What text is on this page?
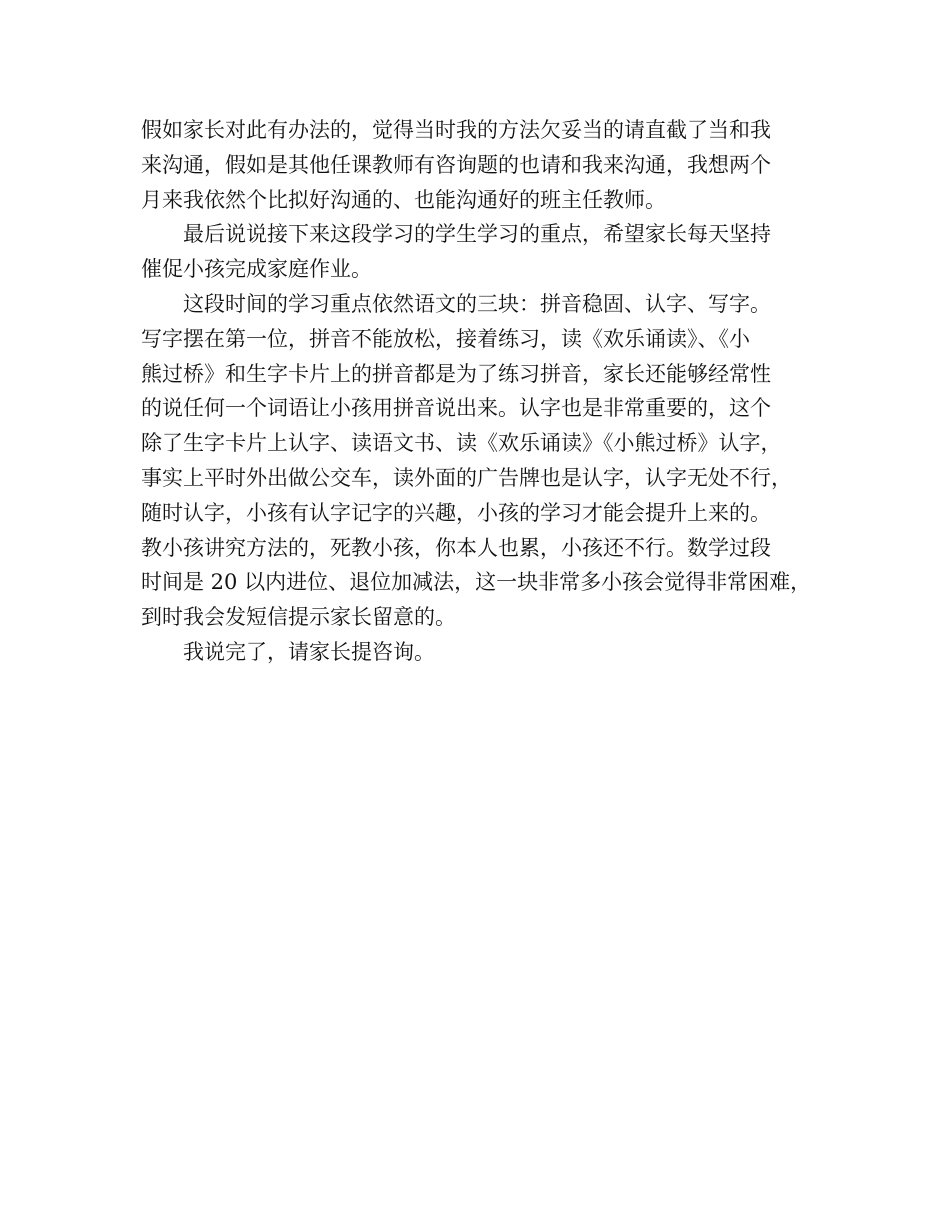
假如家长对此有办法的，觉得当时我的方法欠妥当的请直截了当和我

来沟通，假如是其他任课教师有咨询题的也请和我来沟通，我想两个

月来我依然个比拟好沟通的、也能沟通好的班主任教师。

最后说说接下来这段学习的学生学习的重点，希望家长每天坚持

催促小孩完成家庭作业。

这段时间的学习重点依然语文的三块：拼音稳固、认字、写字。

写字摆在第一位，拼音不能放松，接着练习，读《欢乐诵读》、《小

熊过桥》和生字卡片上的拼音都是为了练习拼音，家长还能够经常性

的说任何一个词语让小孩用拼音说出来。认字也是非常重要的，这个

除了生字卡片上认字、读语文书、读《欢乐诵读》《小熊过桥》认字，

事实上平时外出做公交车，读外面的广告牌也是认字，认字无处不行，

随时认字，小孩有认字记字的兴趣，小孩的学习才能会提升上来的。

教小孩讲究方法的，死教小孩，你本人也累，小孩还不行。数学过段

时间是 20 以内进位、退位加减法，这一块非常多小孩会觉得非常困难，

到时我会发短信提示家长留意的。

我说完了，请家长提咨询。
